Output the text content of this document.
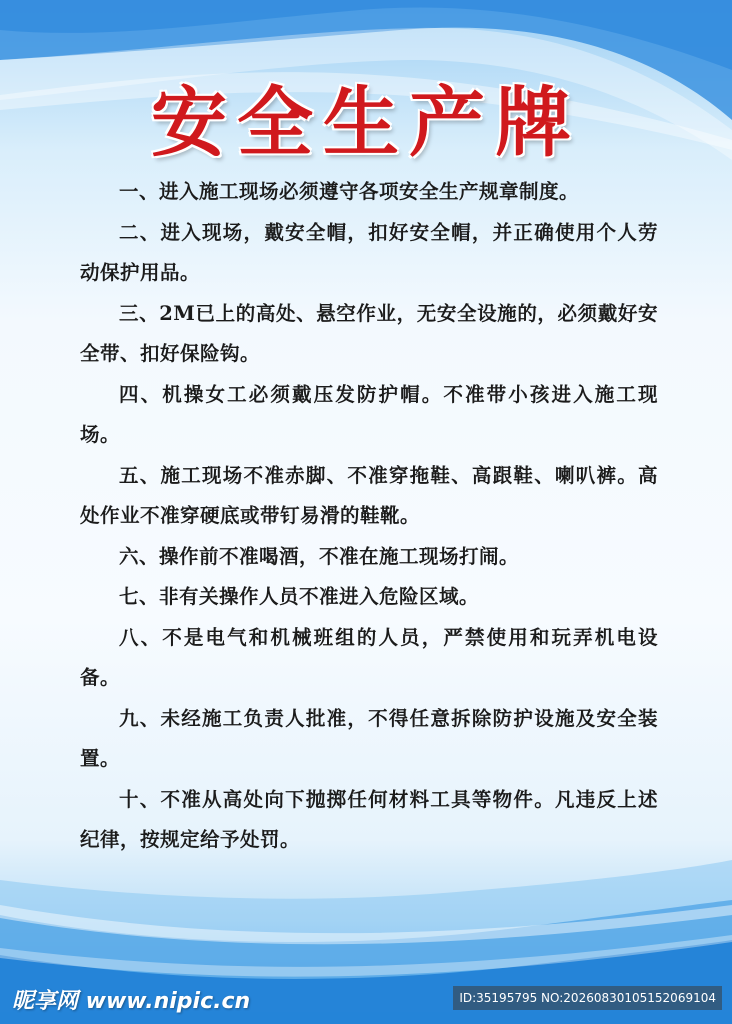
安全生产牌

一、进入施工现场必须遵守各项安全生产规章制度。

二、进入现场，戴安全帽，扣好安全帽，并正确使用个人劳动保护用品。

三、2M已上的高处、悬空作业，无安全设施的，必须戴好安全带、扣好保险钩。

四、机操女工必须戴压发防护帽。不准带小孩进入施工现场。

五、施工现场不准赤脚、不准穿拖鞋、高跟鞋、喇叭裤。高处作业不准穿硬底或带钉易滑的鞋靴。

六、操作前不准喝酒，不准在施工现场打闹。

七、非有关操作人员不准进入危险区域。

八、不是电气和机械班组的人员，严禁使用和玩弄机电设备。

九、未经施工负责人批准，不得任意拆除防护设施及安全装置。

十、不准从高处向下抛掷任何材料工具等物件。凡违反上述纪律，按规定给予处罚。

昵享网 www.nipic.cn	ID:35195795 NO:20260830105152069104
